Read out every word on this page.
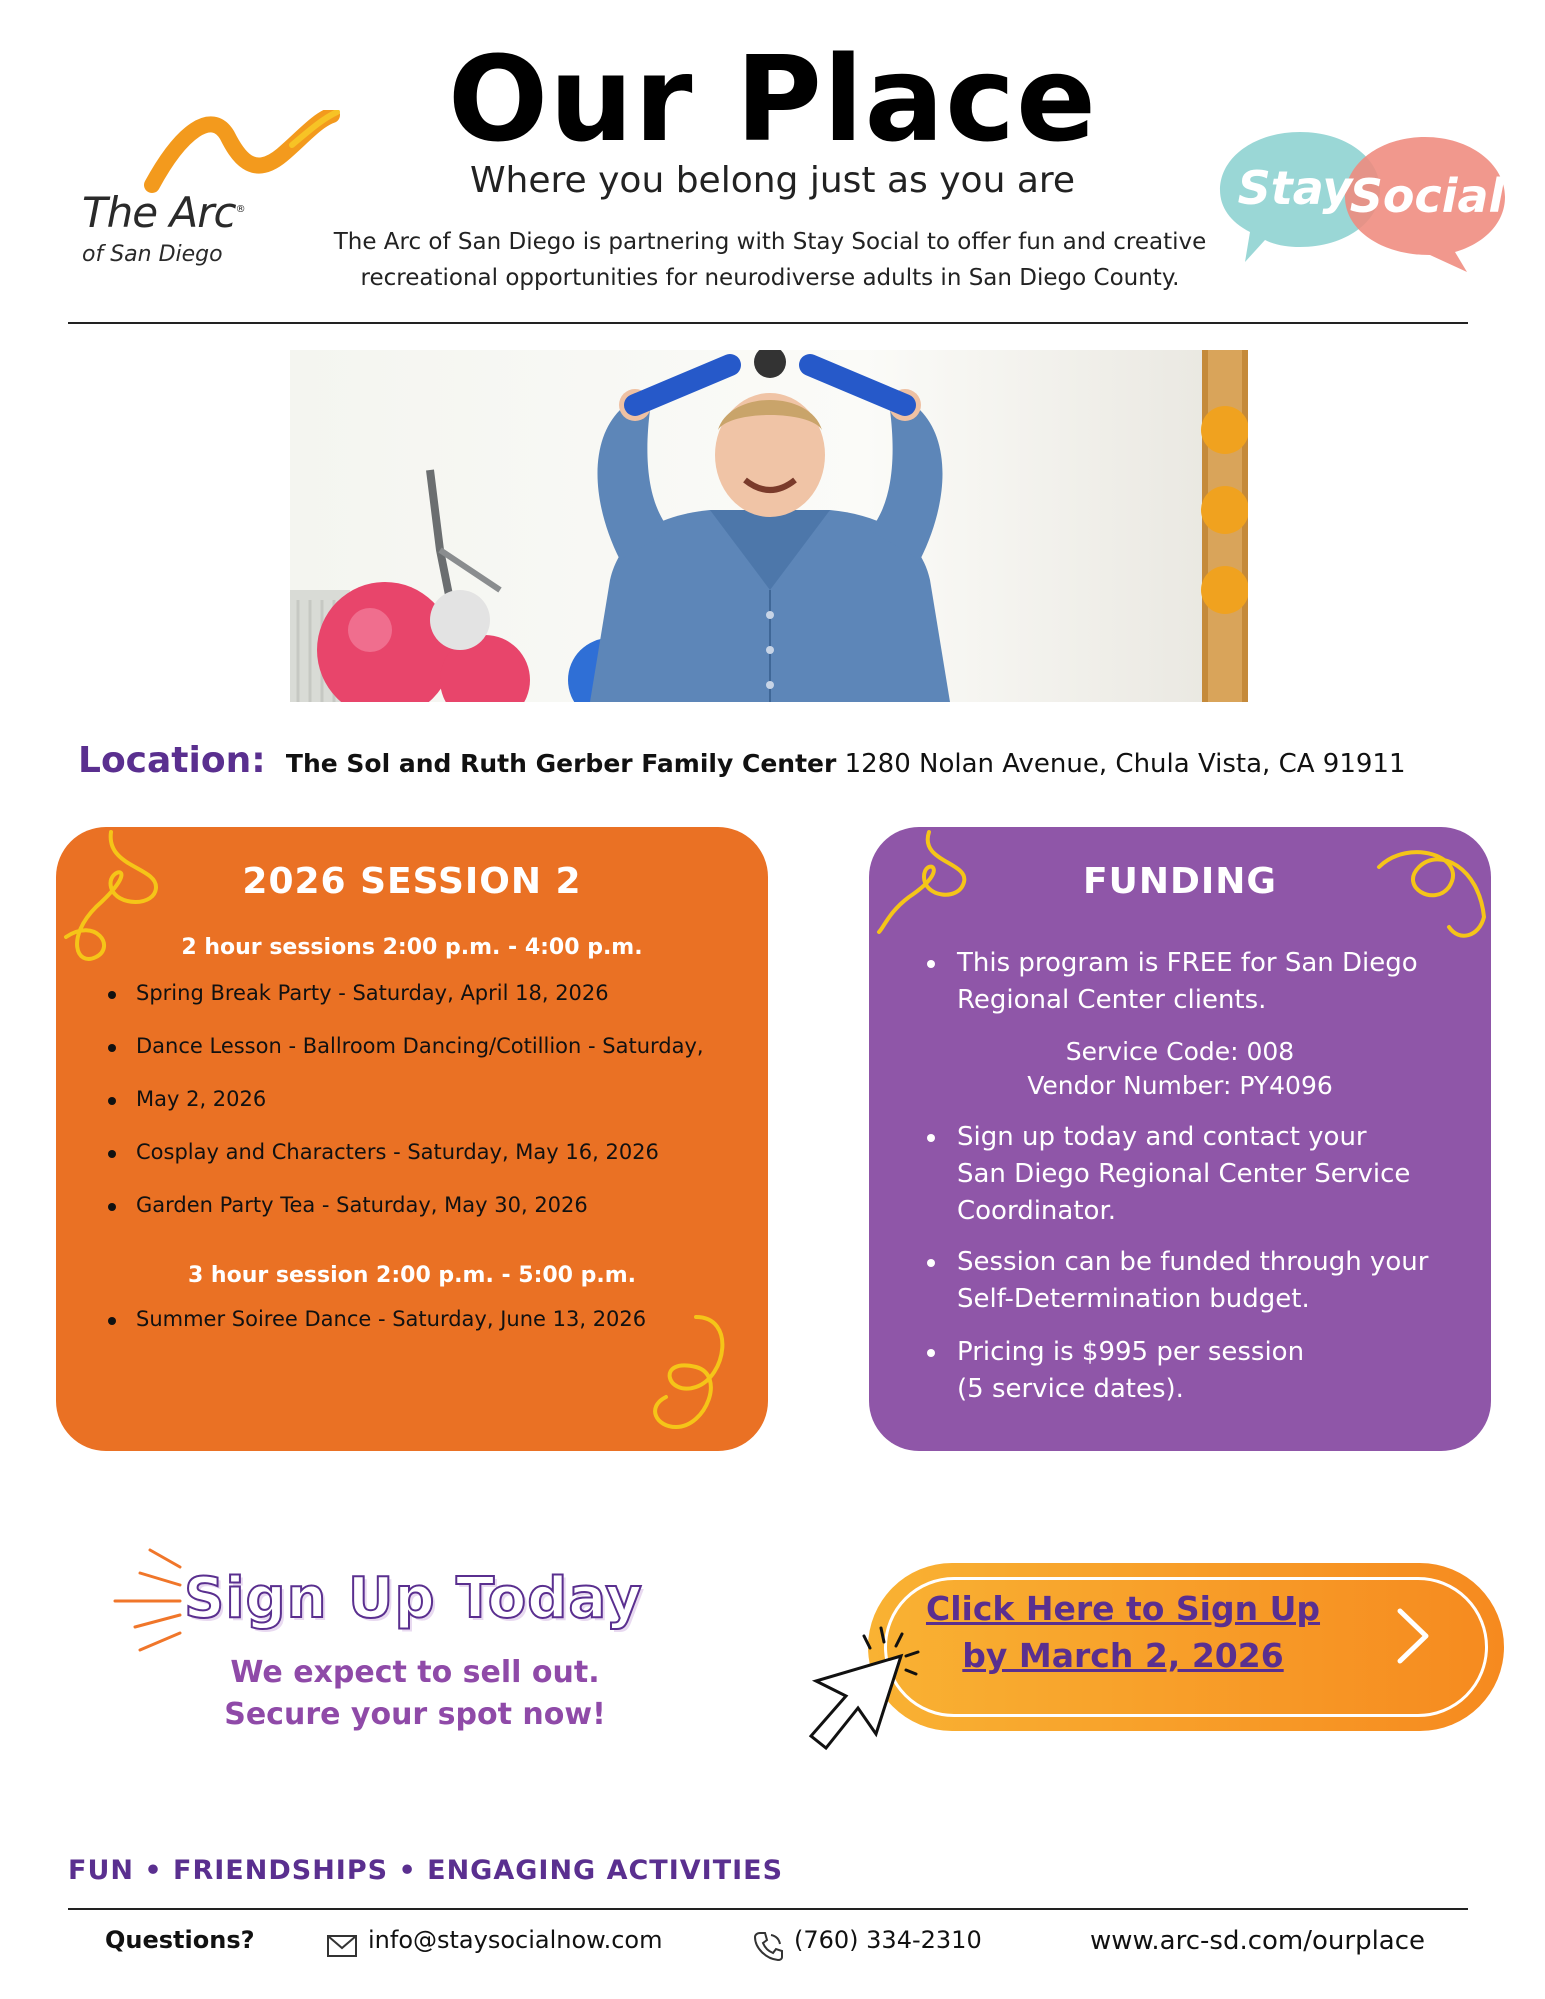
The Arc®
of San Diego
Our Place
Where you belong just as you are
The Arc of San Diego is partnering with Stay Social to offer fun and creative
recreational opportunities for neurodiverse adults in San Diego County.
Stay
Social
Location: The Sol and Ruth Gerber Family Center 1280 Nolan Avenue, Chula Vista, CA 91911
2026 SESSION 2
2 hour sessions 2:00 p.m. - 4:00 p.m.
Spring Break Party - Saturday, April 18, 2026
Dance Lesson - Ballroom Dancing/Cotillion - Saturday,
May 2, 2026
Cosplay and Characters - Saturday, May 16, 2026
Garden Party Tea - Saturday, May 30, 2026
3 hour session 2:00 p.m. - 5:00 p.m.
Summer Soiree Dance - Saturday, June 13, 2026
FUNDING
This program is FREE for San Diego
Regional Center clients.
Service Code: 008
Vendor Number: PY4096
Sign up today and contact your
San Diego Regional Center Service
Coordinator.
Session can be funded through your
Self-Determination budget.
Pricing is $995 per session
(5 service dates).
Sign Up Today
We expect to sell out.
Secure your spot now!
Click Here to Sign Up
by March 2, 2026
FUN • FRIENDSHIPS • ENGAGING ACTIVITIES
Questions?	info@staysocialnow.com	(760) 334-2310	www.arc-sd.com/ourplace
